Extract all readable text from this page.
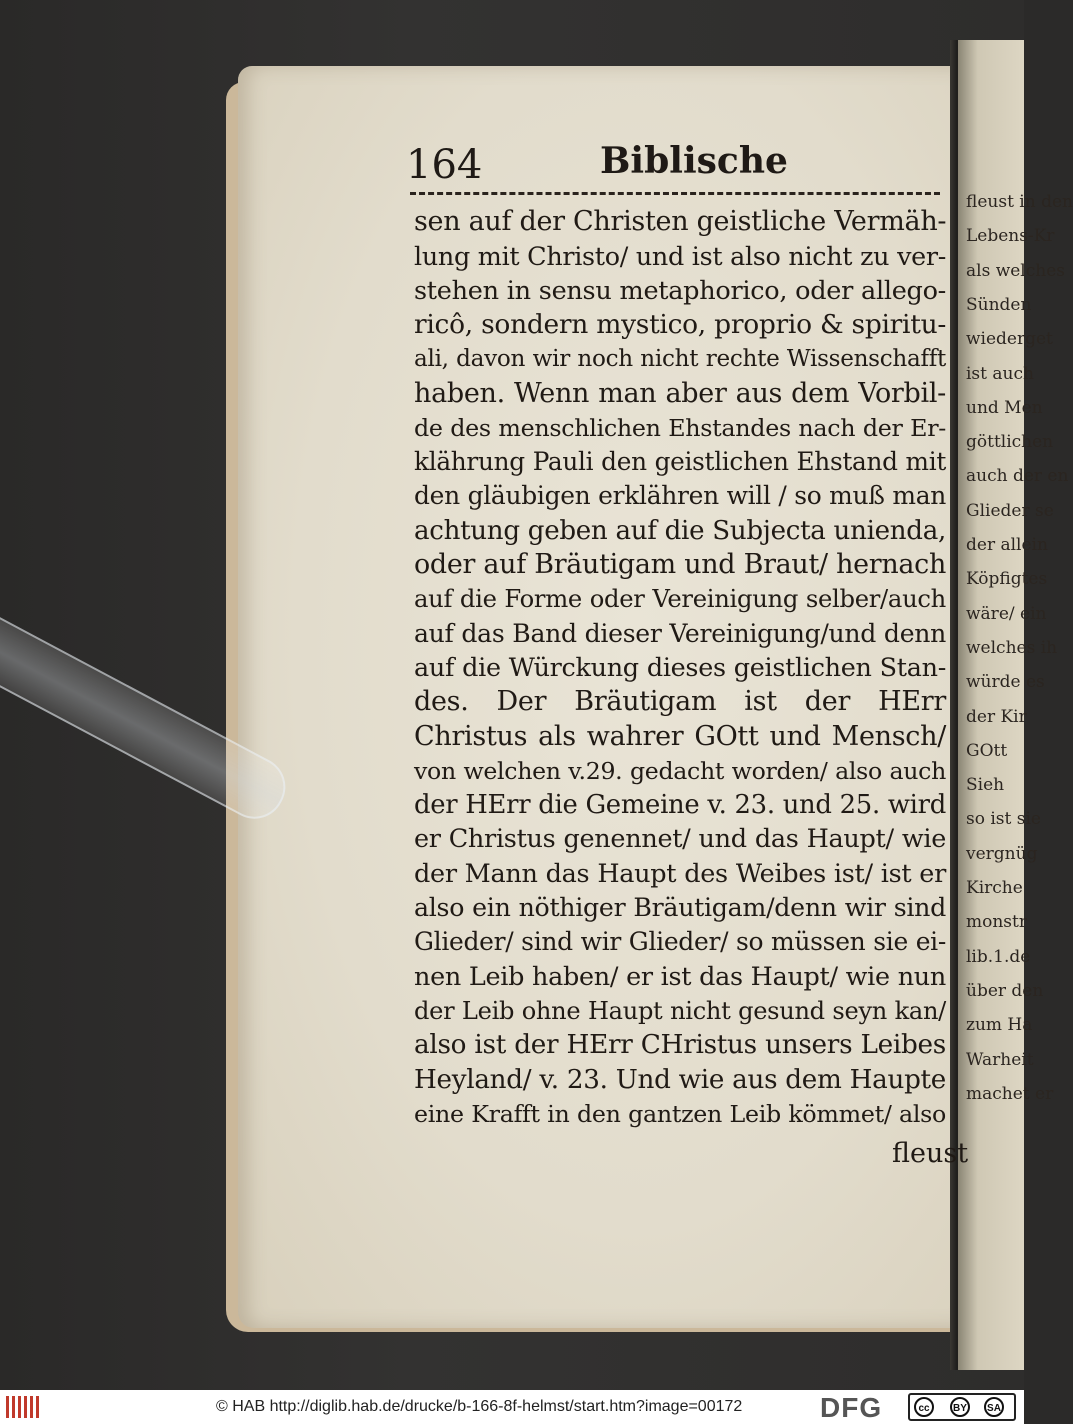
fleust in den
Lebens-Kr
als welches
Sünden
wiederget
ist auch
und Men
göttlichen
auch der en
Glieder se
der allein
Köpfigtes
wäre/ ein
welches ih
würde es
der Kir
GOtt
Sieh
so ist sie
vergnüg
Kirche
monstr
lib.1.de
über den
zum Ha
Warheit
machet er
164	Biblische
sen auf der Christen geistliche Vermäh-
lung mit Christo/ und ist also nicht zu ver-
stehen in sensu metaphorico, oder allego-
ricô, sondern mystico, proprio & spiritu-
ali, davon wir noch nicht rechte Wissenschafft
haben. Wenn man aber aus dem Vorbil-
de des menschlichen Ehstandes nach der Er-
klährung Pauli den geistlichen Ehstand mit
den gläubigen erklähren will / so muß man
achtung geben auf die Subjecta unienda,
oder auf Bräutigam und Braut/ hernach
auf die Forme oder Vereinigung selber/auch
auf das Band dieser Vereinigung/und denn
auf die Würckung dieses geistlichen Stan-
des. Der Bräutigam ist der HErr
Christus als wahrer GOtt und Mensch/
von welchen v.29. gedacht worden/ also auch
der HErr die Gemeine v. 23. und 25. wird
er Christus genennet/ und das Haupt/ wie
der Mann das Haupt des Weibes ist/ ist er
also ein nöthiger Bräutigam/denn wir sind
Glieder/ sind wir Glieder/ so müssen sie ei-
nen Leib haben/ er ist das Haupt/ wie nun
der Leib ohne Haupt nicht gesund seyn kan/
also ist der HErr CHristus unsers Leibes
Heyland/ v. 23. Und wie aus dem Haupte
eine Krafft in den gantzen Leib kömmet/ also
fleust
© HAB http://diglib.hab.de/drucke/b-166-8f-helmst/start.htm?image=00172	DFG	cc	BY	SA
